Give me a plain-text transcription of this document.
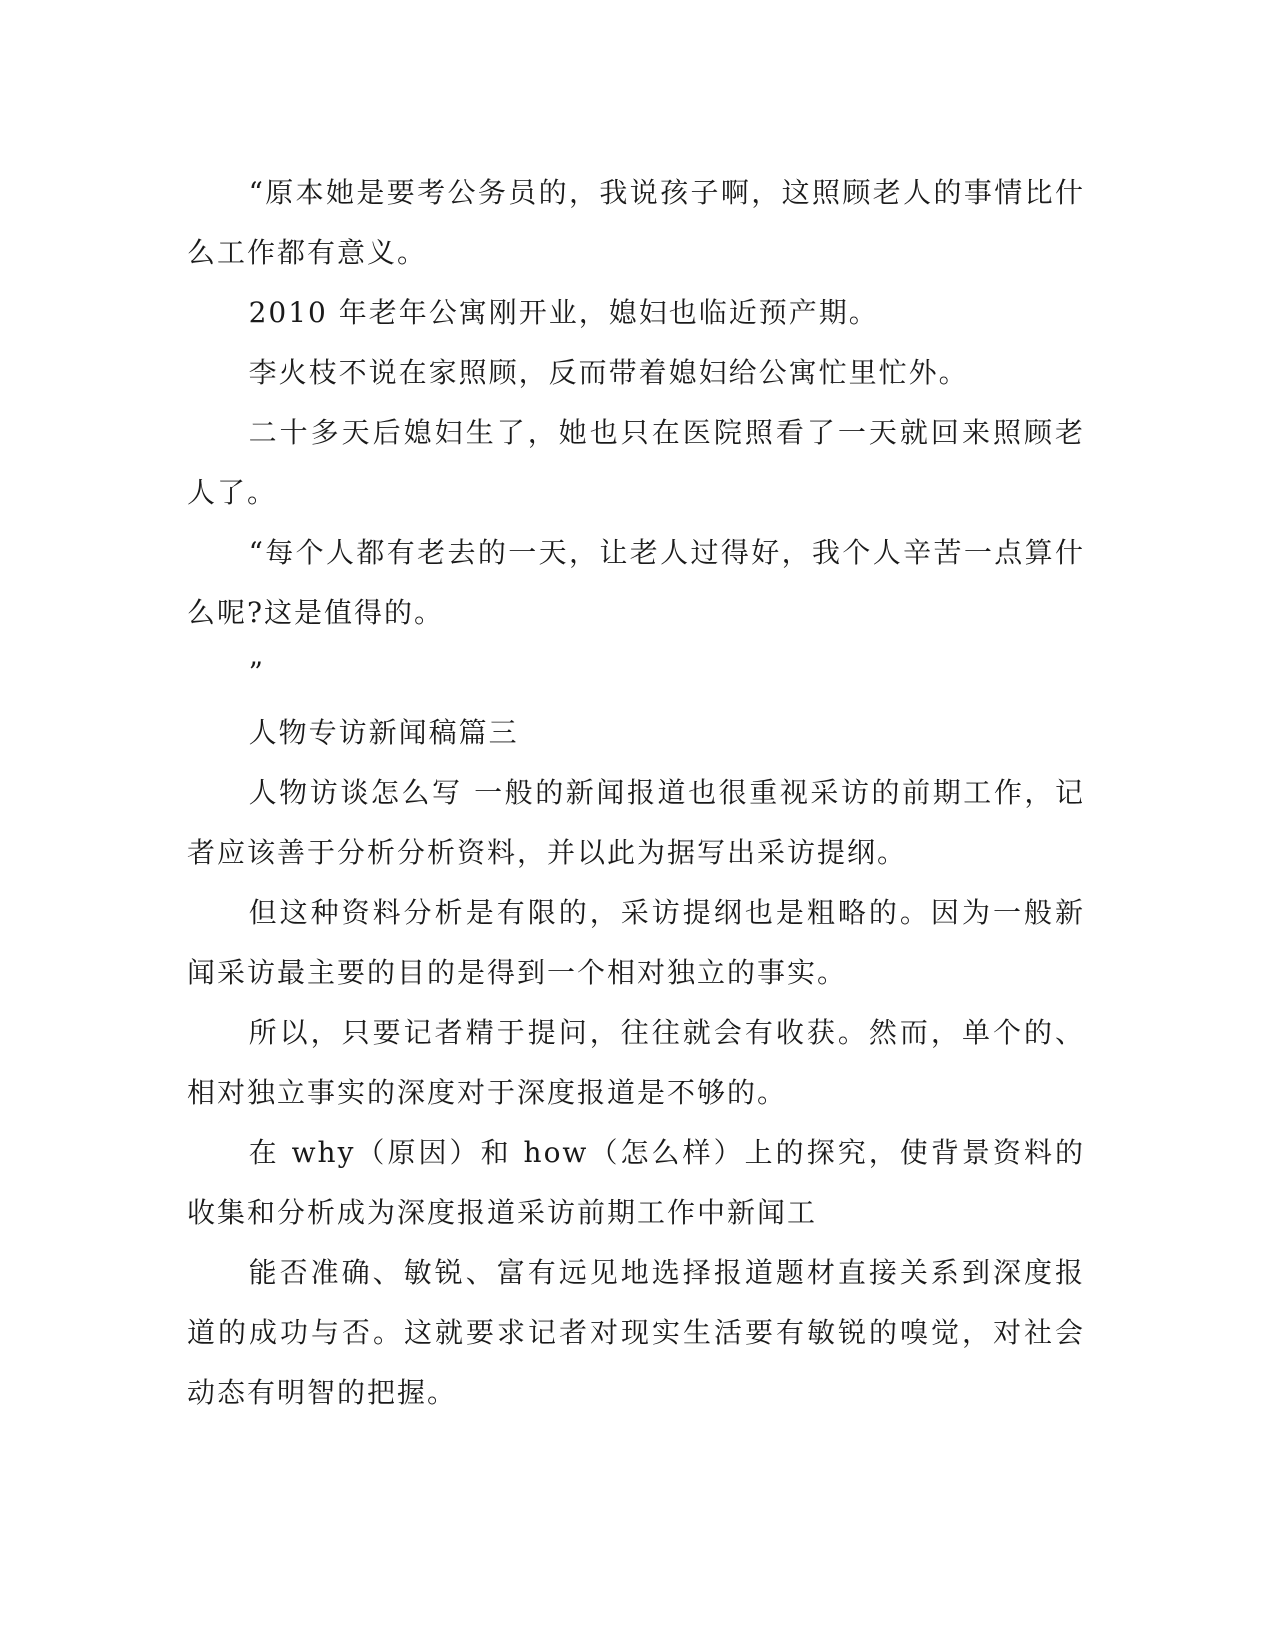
“原本她是要考公务员的，我说孩子啊，这照顾老人的事情比什么工作都有意义。

2010 年老年公寓刚开业，媳妇也临近预产期。

李火枝不说在家照顾，反而带着媳妇给公寓忙里忙外。

二十多天后媳妇生了，她也只在医院照看了一天就回来照顾老人了。

“每个人都有老去的一天，让老人过得好，我个人辛苦一点算什么呢?这是值得的。

”

人物专访新闻稿篇三

人物访谈怎么写 一般的新闻报道也很重视采访的前期工作，记者应该善于分析分析资料，并以此为据写出采访提纲。

但这种资料分析是有限的，采访提纲也是粗略的。因为一般新闻采访最主要的目的是得到一个相对独立的事实。

所以，只要记者精于提问，往往就会有收获。然而，单个的、相对独立事实的深度对于深度报道是不够的。

在 why（原因）和 how（怎么样）上的探究，使背景资料的收集和分析成为深度报道采访前期工作中新闻工

能否准确、敏锐、富有远见地选择报道题材直接关系到深度报道的成功与否。这就要求记者对现实生活要有敏锐的嗅觉，对社会动态有明智的把握。
